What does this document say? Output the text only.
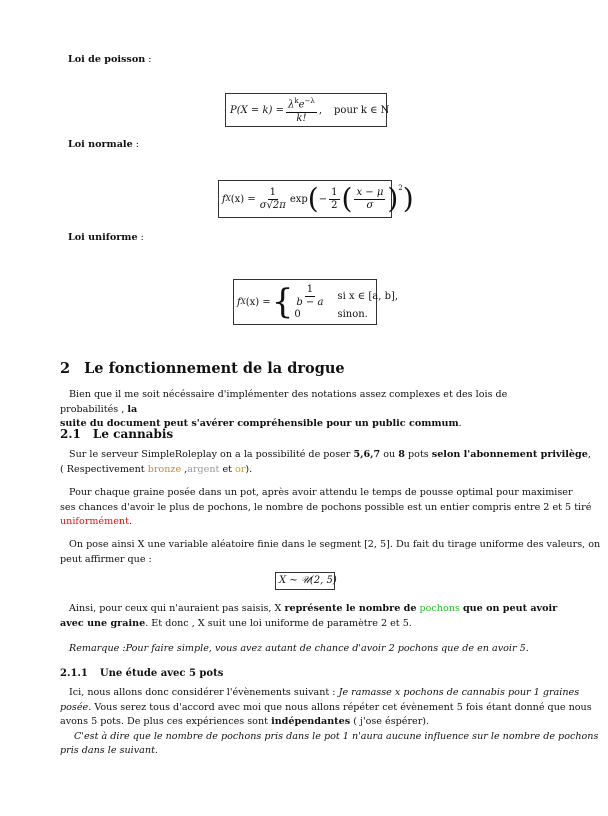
Loi de poisson :
$P(X = k) = \frac{\lambda^ke^{-\lambda}}{k!}$ , pour k ∈ N
Loi normale :
f X $(x) = \frac{1}{\sigma√2\pi}$ exp ( − $\frac{1}{2}$ ( $\frac{x - \mu}{\sigma} )^2$ )
Loi uniforme :
f X (x) = { $\frac{1}{b - a}$ si x ∈ [a, b],
0	sinon.
2 Le fonctionnement de la drogue
Bien que il me soit nécéssaire d'implémenter des notations assez complexes et des lois de probabilités , la
suite du document peut s'avérer compréhensible pour un public commum.
2.1 Le cannabis
Sur le serveur SimpleRoleplay on a la possibilité de poser 5,6,7 ou 8 pots selon l'abonnement privilège,
( Respectivement bronze ,argent et or).
Pour chaque graine posée dans un pot, après avoir attendu le temps de pousse optimal pour maximiser
ses chances d'avoir le plus de pochons, le nombre de pochons possible est un entier compris entre 2 et 5 tiré
uniformément.
On pose ainsi X une variable aléatoire finie dans le segment [2, 5]. Du fait du tirage uniforme des valeurs, on
peut affirmer que :
X ∼ 𝒰(2, 5)
Ainsi, pour ceux qui n'auraient pas saisis, X représente le nombre de pochons que on peut avoir
avec une graine. Et donc , X suit une loi uniforme de paramètre 2 et 5.
Remarque :Pour faire simple, vous avez autant de chance d'avoir 2 pochons que de en avoir 5.
2.1.1 Une étude avec 5 pots
Ici, nous allons donc considérer l'évènements suivant : Je ramasse x pochons de cannabis pour 1 graines
posée. Vous serez tous d'accord avec moi que nous allons répéter cet évènement 5 fois étant donné que nous
avons 5 pots. De plus ces expériences sont indépendantes ( j'ose éspérer).
C'est à dire que le nombre de pochons pris dans le pot 1 n'aura aucune influence sur le nombre de pochons
pris dans le suivant.
